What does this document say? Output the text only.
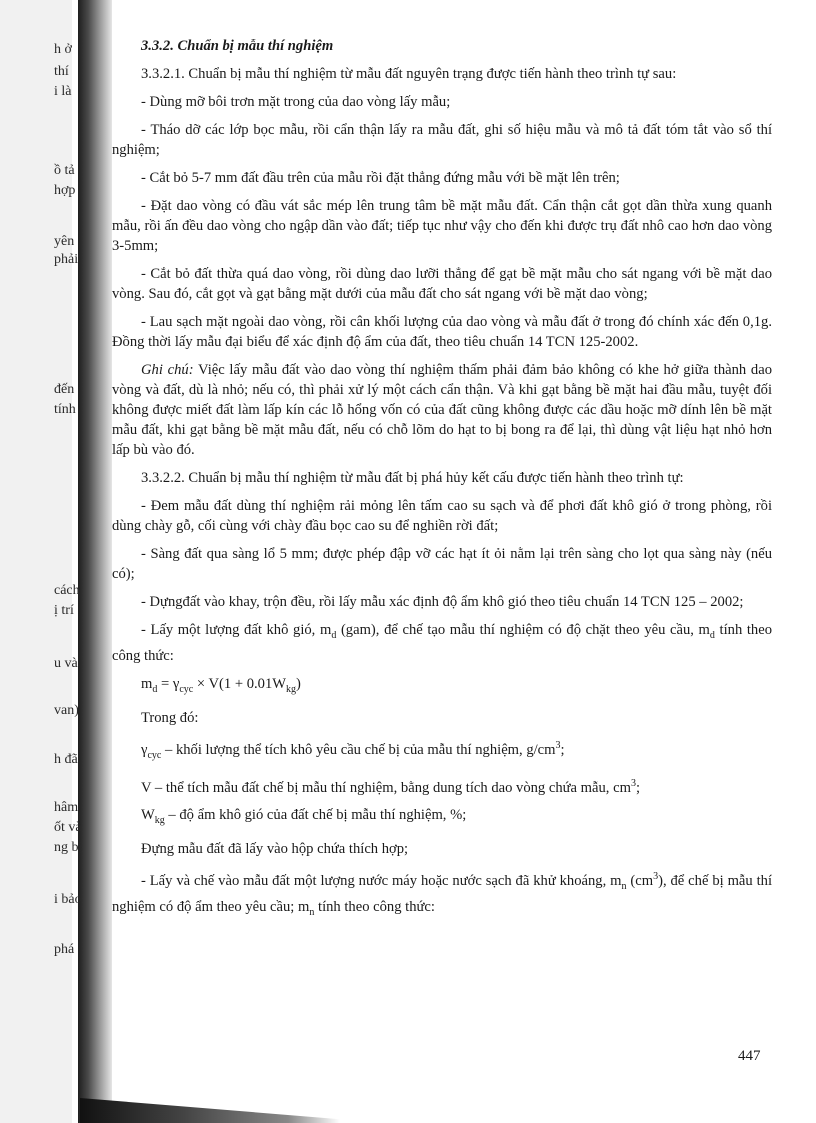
h ở
thí
i là
ồ tả
hợp
yên
phải
đến
tính
cách
ị trí
u và
van)
h đã
hâm
ốt và
ng bị
i bảo
phá

3.3.2. Chuẩn bị mẫu thí nghiệm

3.3.2.1. Chuẩn bị mẫu thí nghiệm từ mẫu đất nguyên trạng được tiến hành theo trình tự sau:

- Dùng mỡ bôi trơn mặt trong của dao vòng lấy mẫu;

- Tháo dỡ các lớp bọc mẫu, rồi cẩn thận lấy ra mẫu đất, ghi số hiệu mẫu và mô tả đất tóm tắt vào sổ thí nghiệm;

- Cắt bỏ 5-7 mm đất đầu trên của mẫu rồi đặt thẳng đứng mẫu với bề mặt lên trên;

- Đặt dao vòng có đầu vát sắc mép lên trung tâm bề mặt mẫu đất. Cẩn thận cắt gọt dần thừa xung quanh mẫu, rồi ấn đều dao vòng cho ngập dần vào đất; tiếp tục như vậy cho đến khi được trụ đất nhô cao hơn dao vòng 3-5mm;

- Cắt bỏ đất thừa quá dao vòng, rồi dùng dao lưỡi thẳng để gạt bề mặt mẫu cho sát ngang với bề mặt dao vòng. Sau đó, cắt gọt và gạt bằng mặt dưới của mẫu đất cho sát ngang với bề mặt dao vòng;

- Lau sạch mặt ngoài dao vòng, rồi cân khối lượng của dao vòng và mẫu đất ở trong đó chính xác đến 0,1g. Đồng thời lấy mẫu đại biểu để xác định độ ẩm của đất, theo tiêu chuẩn 14 TCN 125-2002.

Ghi chú: Việc lấy mẫu đất vào dao vòng thí nghiệm thấm phải đảm bảo không có khe hở giữa thành dao vòng và đất, dù là nhỏ; nếu có, thì phải xử lý một cách cẩn thận. Và khi gạt bằng bề mặt hai đầu mẫu, tuyệt đối không được miết đất làm lấp kín các lỗ hổng vốn có của đất cũng không được các dầu hoặc mỡ dính lên bề mặt mẫu đất, khi gạt bằng bề mặt mẫu đất, nếu có chỗ lõm do hạt to bị bong ra để lại, thì dùng vật liệu hạt nhỏ hơn lấp bù vào đó.

3.3.2.2. Chuẩn bị mẫu thí nghiệm từ mẫu đất bị phá hủy kết cấu được tiến hành theo trình tự:

- Đem mẫu đất dùng thí nghiệm rải mỏng lên tấm cao su sạch và để phơi đất khô gió ở trong phòng, rồi dùng chày gỗ, cối cùng với chày đầu bọc cao su để nghiền rời đất;

- Sàng đất qua sàng lổ 5 mm; được phép đập vỡ các hạt ít ỏi nằm lại trên sàng cho lọt qua sàng này (nếu có);

- Dựngđất vào khay, trộn đều, rồi lấy mẫu xác định độ ẩm khô gió theo tiêu chuẩn 14 TCN 125 – 2002;

- Lấy một lượng đất khô gió, $m_d$ (gam), để chế tạo mẫu thí nghiệm có độ chặt theo yêu cầu, $m_d$ tính theo công thức:

$m_d = \gamma_{cyc} \times V(1 + 0.01W_{kg})$

Trong đó:

$\gamma_{cyc}$ – khối lượng thể tích khô yêu cầu chế bị của mẫu thí nghiệm, $g/cm^3$;

V – thể tích mẫu đất chế bị mẫu thí nghiệm, bằng dung tích dao vòng chứa mẫu, $cm^3$;

$W_{kg}$ – độ ẩm khô gió của đất chế bị mẫu thí nghiệm, %;

Đựng mẫu đất đã lấy vào hộp chứa thích hợp;

- Lấy và chế vào mẫu đất một lượng nước máy hoặc nước sạch đã khử khoáng, $m_n$ $(cm^3)$, để chế bị mẫu thí nghiệm có độ ẩm theo yêu cầu; $m_n$ tính theo công thức:

447
